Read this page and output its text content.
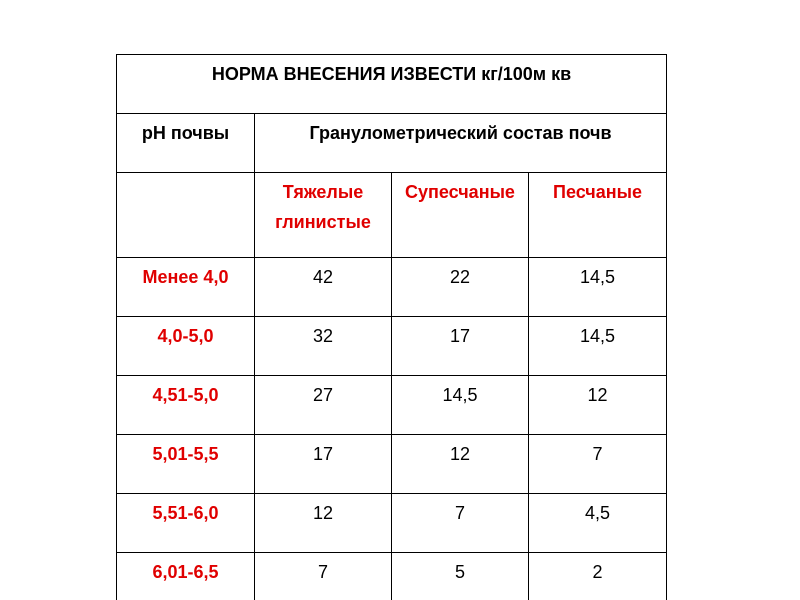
НОРМА ВНЕСЕНИЯ ИЗВЕСТИ кг/100м кв			
pH почвы	Гранулометрический состав почв		
	Тяжелые глинистые	Супесчаные	Песчаные
Менее 4,0	42	22	14,5
4,0-5,0	32	17	14,5
4,51-5,0	27	14,5	12
5,01-5,5	17	12	7
5,51-6,0	12	7	4,5
6,01-6,5	7	5	2
